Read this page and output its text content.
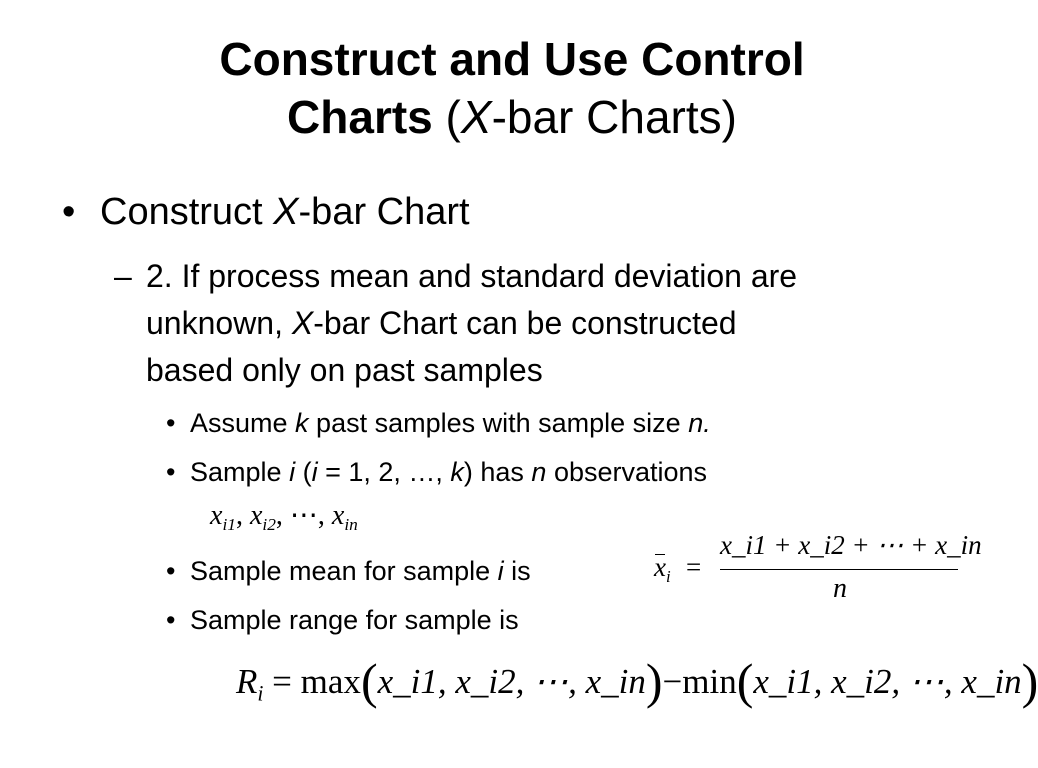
Construct and Use Control
Charts (X-bar Charts)
• Construct X-bar Chart
– 2. If process mean and standard deviation are
unknown, X-bar Chart can be constructed
based only on past samples
• Assume k past samples with sample size n.
• Sample i (i = 1, 2, …, k) has n observations
$x_{i1}$, $x_{i2}$, ⋯, $x_{in}$
• Sample mean for sample i is	$x_i$ =
x_i1 + x_i2 + ⋯ + x_in
n
• Sample range for sample is
$R_i$ = max(x_i1, x_i2, ⋯, x_in)−min(x_i1, x_i2, ⋯, x_in)
